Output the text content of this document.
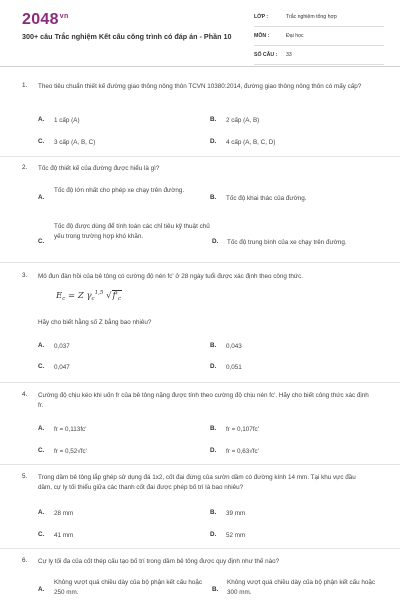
$2048^{vn}$
300+ câu Trắc nghiệm Kết cấu công trình có đáp án - Phần 10
LỚP :	Trắc nghiệm tổng hợp
MÔN :	Đại học
SỐ CÂU : 33
1. Theo tiêu chuẩn thiết kế đường giao thông nông thôn TCVN 10380:2014, đường giao thông nông thôn có mấy cấp?
A. 1 cấp (A)	B. 2 cấp (A, B)
C. 3 cấp (A, B, C)	D. 4 cấp (A, B, C, D)
2. Tốc độ thiết kế của đường được hiểu là gì?
A.
Tốc độ lớn nhất cho phép xe chạy trên đường.
B. Tốc độ khai thác của đường.
C.
Tốc độ được dùng để tính toán các chỉ tiêu kỹ thuật chủ yếu trong trường hợp khó khăn.
D. Tốc độ trung bình của xe chạy trên đường.
3. Mô đun đàn hồi của bê tông có cường độ nén fc' ở 28 ngày tuổi được xác định theo công thức.
$E_c = Z$ $\gamma_c^{1,5}$ $√f'_c$
Hãy cho biết hằng số Z bằng bao nhiêu?
A. 0,037	B. 0,043
C. 0,047	D. 0,051
4. Cường độ chịu kéo khi uốn fr của bê tông nặng được tính theo cường độ chịu nén fc'. Hãy cho biết công thức xác định fr.
A. fr = 0,113fc'	B. fr = 0,107fc'
C. fr = 0,52√fc'	D. fr = 0,63√fc'
5. Trong dầm bê tông lắp ghép sử dụng đá 1x2, cốt đai đứng của sườn dầm có đường kính 14 mm. Tại khu vực đầu dầm, cự ly tối thiểu giữa các thanh cốt đai được phép bố trí là bao nhiêu?
A. 28 mm	B. 39 mm
C. 41 mm	D. 52 mm
6. Cự ly tối đa của cốt thép cấu tạo bố trí trong dầm bê tông được quy định như thế nào?
A.
Không vượt quá chiều dày của bộ phận kết cấu hoặc 250 mm.	B.
Không vượt quá chiều dày của bộ phận kết cấu hoặc 300 mm.
